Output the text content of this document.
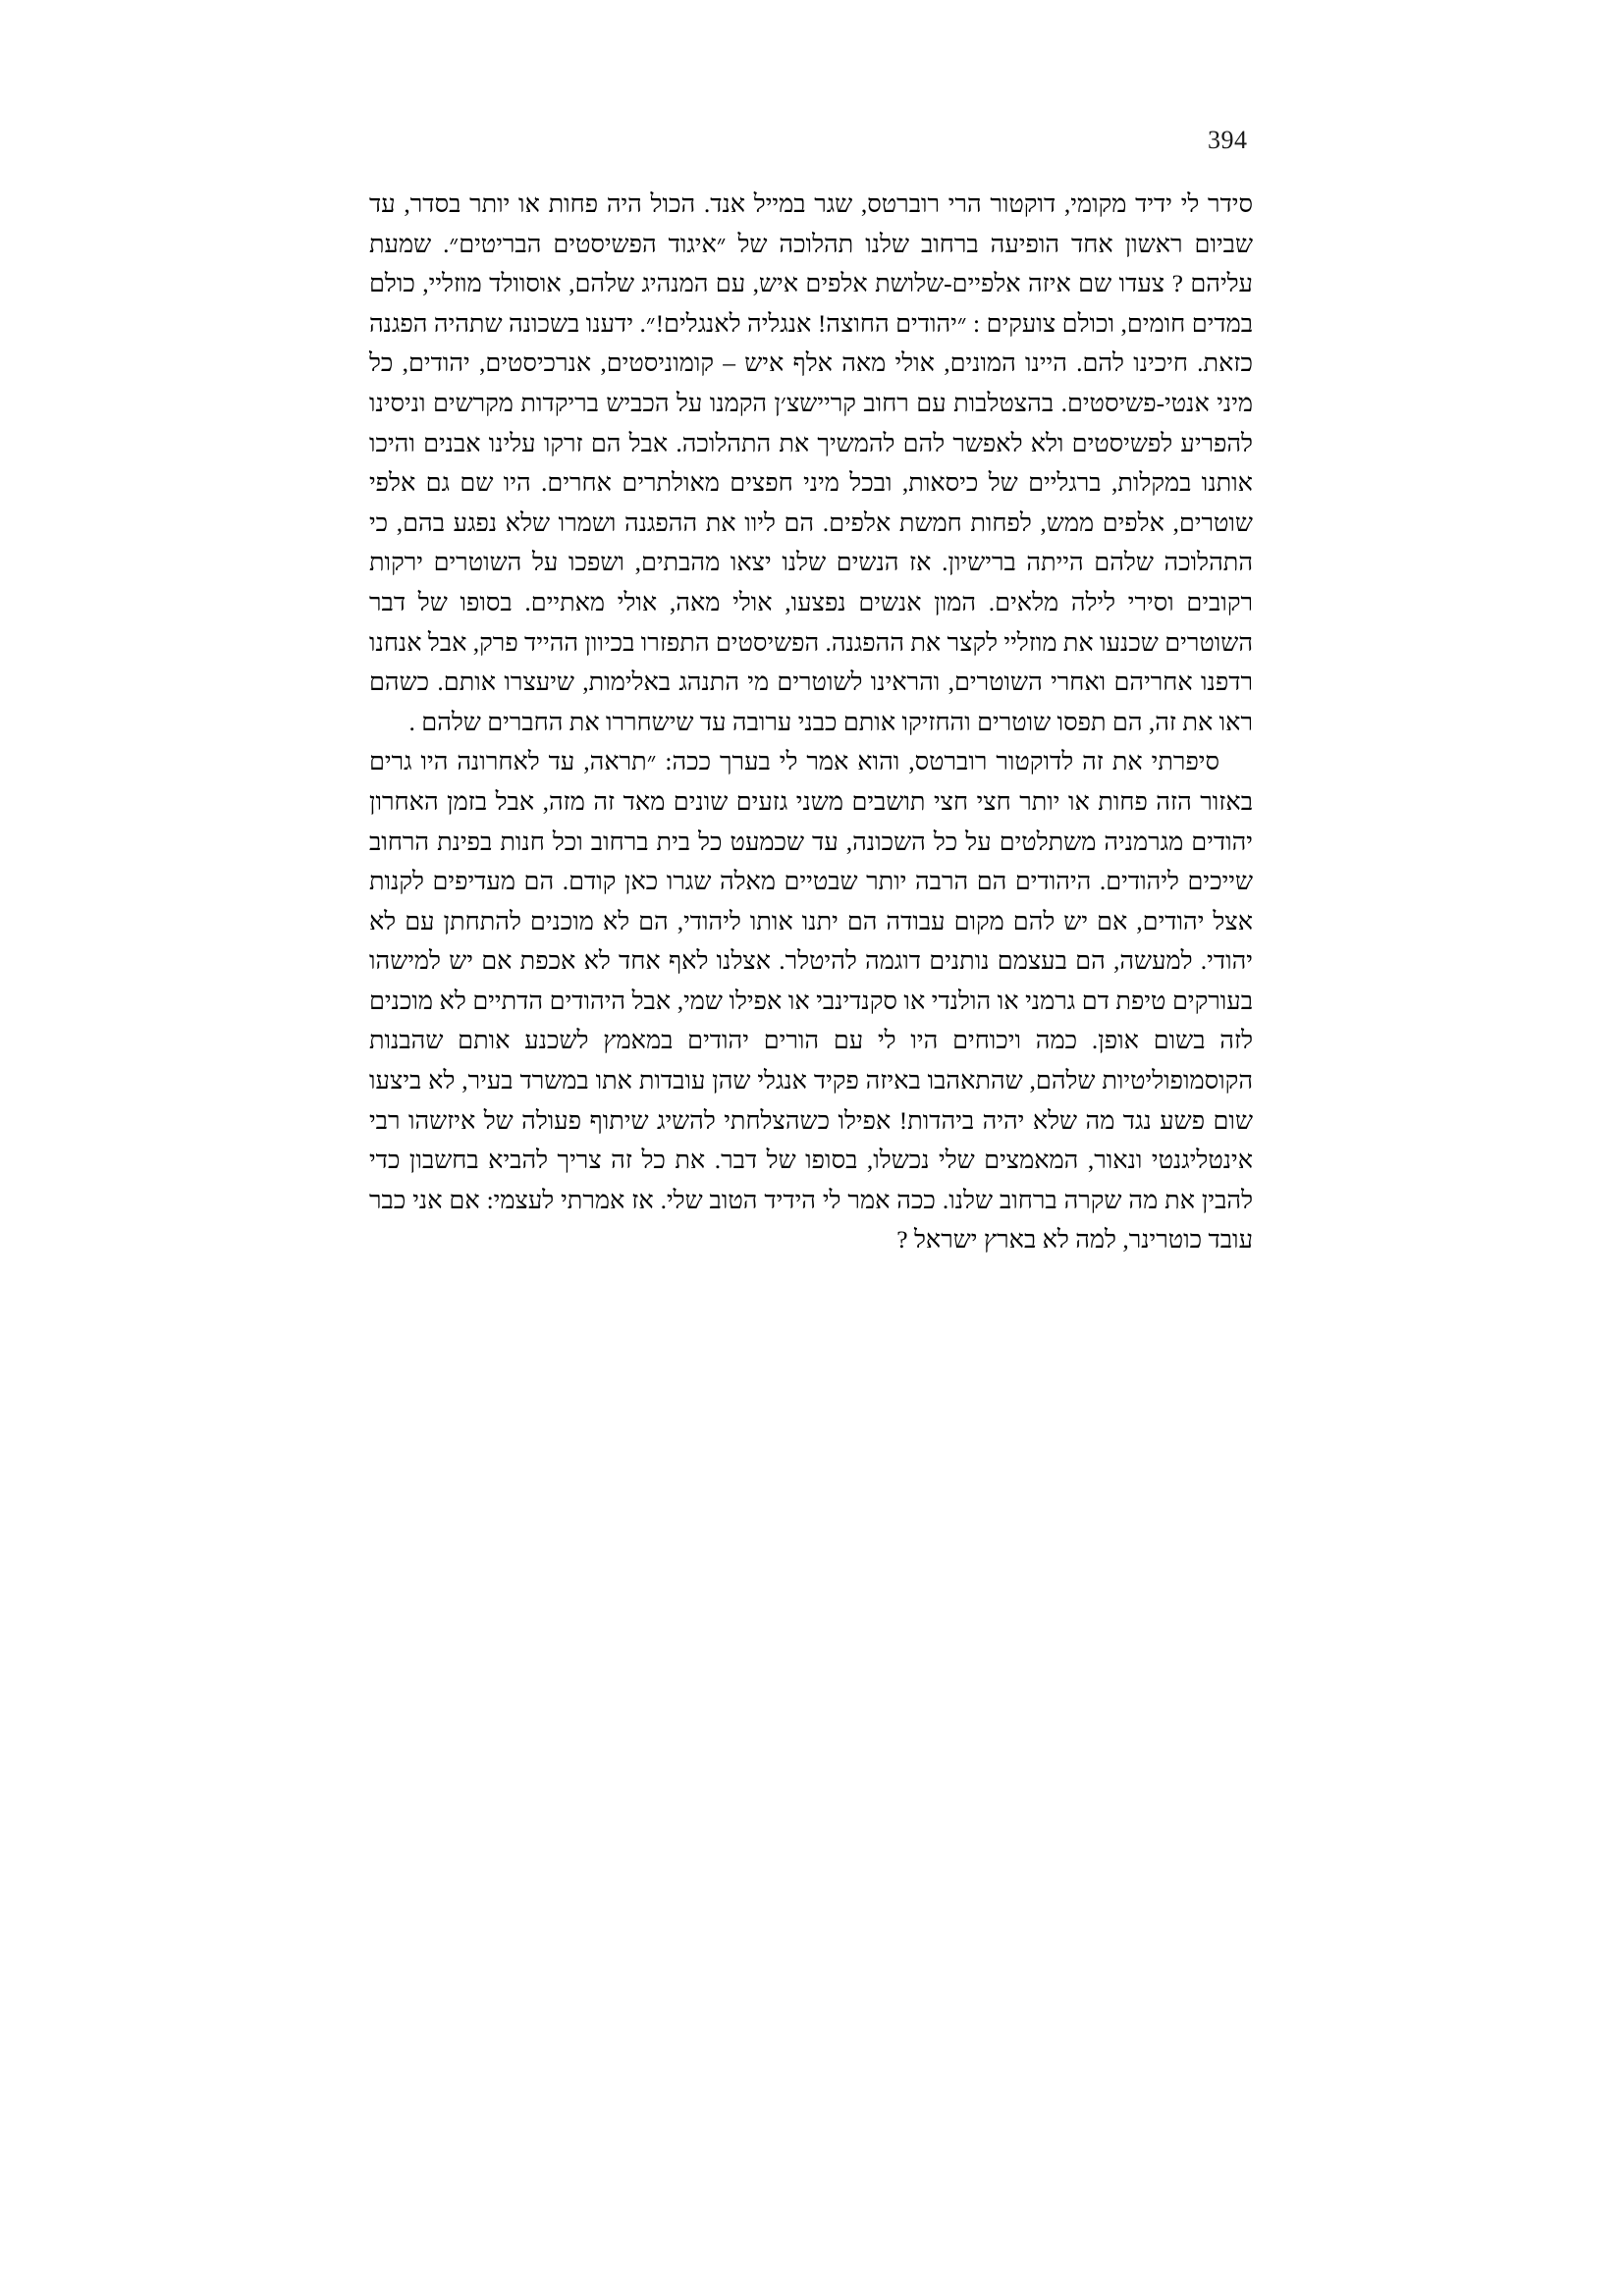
394

סידר לי ידיד מקומי, דוקטור הרי רוברטס, שגר במייל אנד. הכול היה פחות או יותר בסדר, עד שביום ראשון אחד הופיעה ברחוב שלנו תהלוכה של ״איגוד הפשיסטים הבריטים״. שמעת עליהם ? צעדו שם איזה אלפיים-שלושת אלפים איש, עם המנהיג שלהם, אוסוולד מוזליי, כולם במדים חומים, וכולם צועקים : ״יהודים החוצה! אנגליה לאנגלים!״. ידענו בשכונה שתהיה הפגנה כזאת. חיכינו להם. היינו המונים, אולי מאה אלף איש – קומוניסטים, אנרכיסטים, יהודים, כל מיני אנטי-פשיסטים. בהצטלבות עם רחוב קריישצ׳ן הקמנו על הכביש בריקדות מקרשים וניסינו להפריע לפשיסטים ולא לאפשר להם להמשיך את התהלוכה. אבל הם זרקו עלינו אבנים והיכו אותנו במקלות, ברגליים של כיסאות, ובכל מיני חפצים מאולתרים אחרים. היו שם גם אלפי שוטרים, אלפים ממש, לפחות חמשת אלפים. הם ליוו את ההפגנה ושמרו שלא נפגע בהם, כי התהלוכה שלהם הייתה ברישיון. אז הנשים שלנו יצאו מהבתים, ושפכו על השוטרים ירקות רקובים וסירי לילה מלאים. המון אנשים נפצעו, אולי מאה, אולי מאתיים. בסופו של דבר השוטרים שכנעו את מוזליי לקצר את ההפגנה. הפשיסטים התפזרו בכיוון ההייד פרק, אבל אנחנו רדפנו אחריהם ואחרי השוטרים, והראינו לשוטרים מי התנהג באלימות, שיעצרו אותם. כשהם ראו את זה, הם תפסו שוטרים והחזיקו אותם כבני ערובה עד שישחררו את החברים שלהם .

סיפרתי את זה לדוקטור רוברטס, והוא אמר לי בערך ככה: ״תראה, עד לאחרונה היו גרים באזור הזה פחות או יותר חצי חצי תושבים משני גזעים שונים מאד זה מזה, אבל בזמן האחרון יהודים מגרמניה משתלטים על כל השכונה, עד שכמעט כל בית ברחוב וכל חנות בפינת הרחוב שייכים ליהודים. היהודים הם הרבה יותר שבטיים מאלה שגרו כאן קודם. הם מעדיפים לקנות אצל יהודים, אם יש להם מקום עבודה הם יתנו אותו ליהודי, הם לא מוכנים להתחתן עם לא יהודי. למעשה, הם בעצמם נותנים דוגמה להיטלר. אצלנו לאף אחד לא אכפת אם יש למישהו בעורקים טיפת דם גרמני או הולנדי או סקנדינבי או אפילו שמי, אבל היהודים הדתיים לא מוכנים לזה בשום אופן. כמה ויכוחים היו לי עם הורים יהודים במאמץ לשכנע אותם שהבנות הקוסמופוליטיות שלהם, שהתאהבו באיזה פקיד אנגלי שהן עובדות אתו במשרד בעיר, לא ביצעו שום פשע נגד מה שלא יהיה ביהדות! אפילו כשהצלחתי להשיג שיתוף פעולה של איזשהו רבי אינטליגנטי ונאור, המאמצים שלי נכשלו, בסופו של דבר. את כל זה צריך להביא בחשבון כדי להבין את מה שקרה ברחוב שלנו. ככה אמר לי הידיד הטוב שלי. אז אמרתי לעצמי: אם אני כבר עובד כוטרינר, למה לא בארץ ישראל ?
